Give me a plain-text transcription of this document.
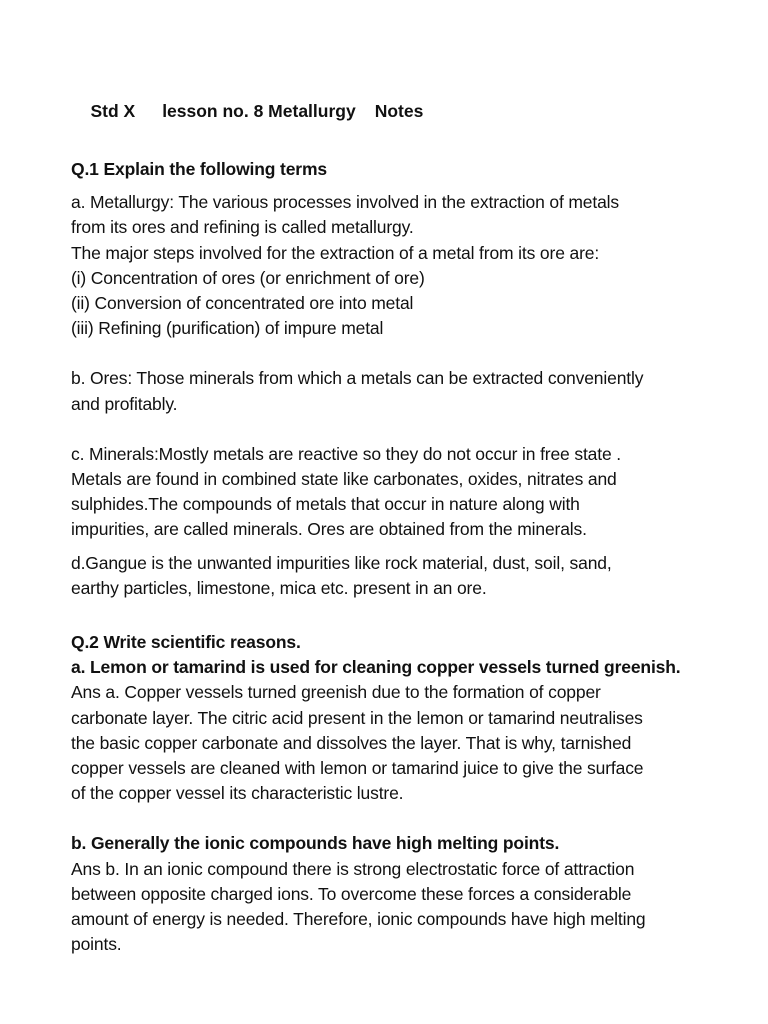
Std X lesson no. 8 Metallurgy Notes

Q.1 Explain the following terms
a. Metallurgy: The various processes involved in the extraction of metals
from its ores and refining is called metallurgy.
The major steps involved for the extraction of a metal from its ore are:
(i) Concentration of ores (or enrichment of ore)
(ii) Conversion of concentrated ore into metal
(iii) Refining (purification) of impure metal
b. Ores: Those minerals from which a metals can be extracted conveniently
and profitably.
c. Minerals:Mostly metals are reactive so they do not occur in free state .
Metals are found in combined state like carbonates, oxides, nitrates and
sulphides.The compounds of metals that occur in nature along with
impurities, are called minerals. Ores are obtained from the minerals.
d.Gangue is the unwanted impurities like rock material, dust, soil, sand,
earthy particles, limestone, mica etc. present in an ore.
Q.2 Write scientific reasons.
a. Lemon or tamarind is used for cleaning copper vessels turned greenish.
Ans a. Copper vessels turned greenish due to the formation of copper
carbonate layer. The citric acid present in the lemon or tamarind neutralises
the basic copper carbonate and dissolves the layer. That is why, tarnished
copper vessels are cleaned with lemon or tamarind juice to give the surface
of the copper vessel its characteristic lustre.
b. Generally the ionic compounds have high melting points.
Ans b. In an ionic compound there is strong electrostatic force of attraction
between opposite charged ions. To overcome these forces a considerable
amount of energy is needed. Therefore, ionic compounds have high melting
points.
